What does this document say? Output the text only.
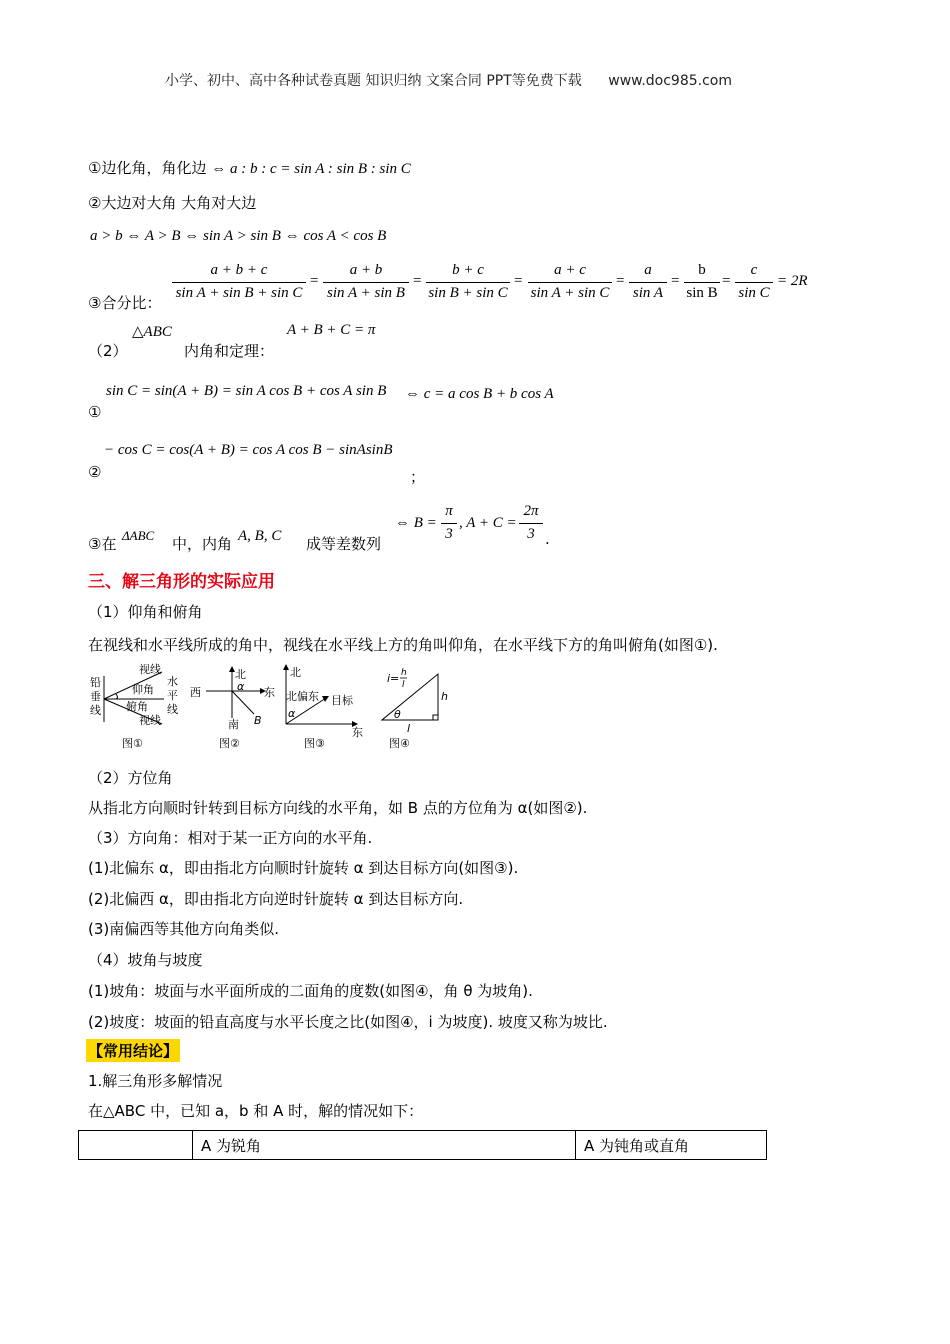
小学、初中、高中各种试卷真题 知识归纳 文案合同 PPT等免费下载 www.doc985.com
①边化角，角化边 ⇔ a : b : c = sin A : sin B : sin C
②大边对大角 大角对大边
a > b ⇔ A > B ⇔ sin A > sin B ⇔ cos A < cos B
③合分比：
a + b + c
sin A + sin B + sin C
=
a + b
sin A + sin B
=
b + c
sin B + sin C
=
a + c
sin A + sin C
=
a
sin A
=
b
sin B
=
c
sin C
= 2R
（2）
△ABC
内角和定理：
A + B + C = π
sin C = sin(A + B) = sin A cos B + cos A sin B ⇔ c = a cos B + b cos A
①
− cos C = cos(A + B) = cos A cos B − sinAsinB
②	；
③在 ΔABC 中，内角 A, B, C 成等差数列
⇔ B =
π
3
, A + C =
2π
3 .
三、解三角形的实际应用
（1）仰角和俯角
在视线和水平线所成的角中，视线在水平线上方的角叫仰角，在水平线下方的角叫俯角(如图①).
铅
垂
线
视线
仰角
水
平
线
俯角
视线
图①
西
北
α 东
南 B
图②
北
东
北偏东 目标
α
图③
i= h
l
θ
h
l
图④
（2）方位角
从指北方向顺时针转到目标方向线的水平角，如 B 点的方位角为 α(如图②).
（3）方向角：相对于某一正方向的水平角.
(1)北偏东 α，即由指北方向顺时针旋转 α 到达目标方向(如图③).
(2)北偏西 α，即由指北方向逆时针旋转 α 到达目标方向.
(3)南偏西等其他方向角类似.
（4）坡角与坡度
(1)坡角：坡面与水平面所成的二面角的度数(如图④，角 θ 为坡角).
(2)坡度：坡面的铅直高度与水平长度之比(如图④，i 为坡度). 坡度又称为坡比.
【常用结论】
1.解三角形多解情况
在△ABC 中，已知 a，b 和 A 时，解的情况如下：
	A 为锐角	A 为钝角或直角
